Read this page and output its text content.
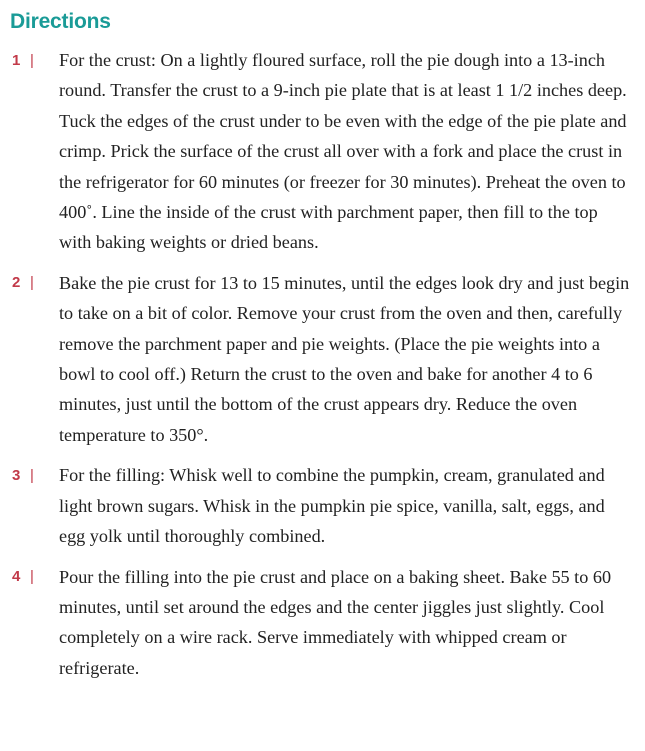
Directions
1 | For the crust: On a lightly floured surface, roll the pie dough into a 13-inch round. Transfer the crust to a 9-inch pie plate that is at least 1 1/2 inches deep. Tuck the edges of the crust under to be even with the edge of the pie plate and crimp. Prick the surface of the crust all over with a fork and place the crust in the refrigerator for 60 minutes (or freezer for 30 minutes). Preheat the oven to 400˚. Line the inside of the crust with parchment paper, then fill to the top with baking weights or dried beans.

2 | Bake the pie crust for 13 to 15 minutes, until the edges look dry and just begin to take on a bit of color. Remove your crust from the oven and then, carefully remove the parchment paper and pie weights. (Place the pie weights into a bowl to cool off.) Return the crust to the oven and bake for another 4 to 6 minutes, just until the bottom of the crust appears dry. Reduce the oven temperature to 350°.

3 | For the filling: Whisk well to combine the pumpkin, cream, granulated and light brown sugars. Whisk in the pumpkin pie spice, vanilla, salt, eggs, and egg yolk until thoroughly combined.

4 | Pour the filling into the pie crust and place on a baking sheet. Bake 55 to 60 minutes, until set around the edges and the center jiggles just slightly. Cool completely on a wire rack. Serve immediately with whipped cream or refrigerate.
